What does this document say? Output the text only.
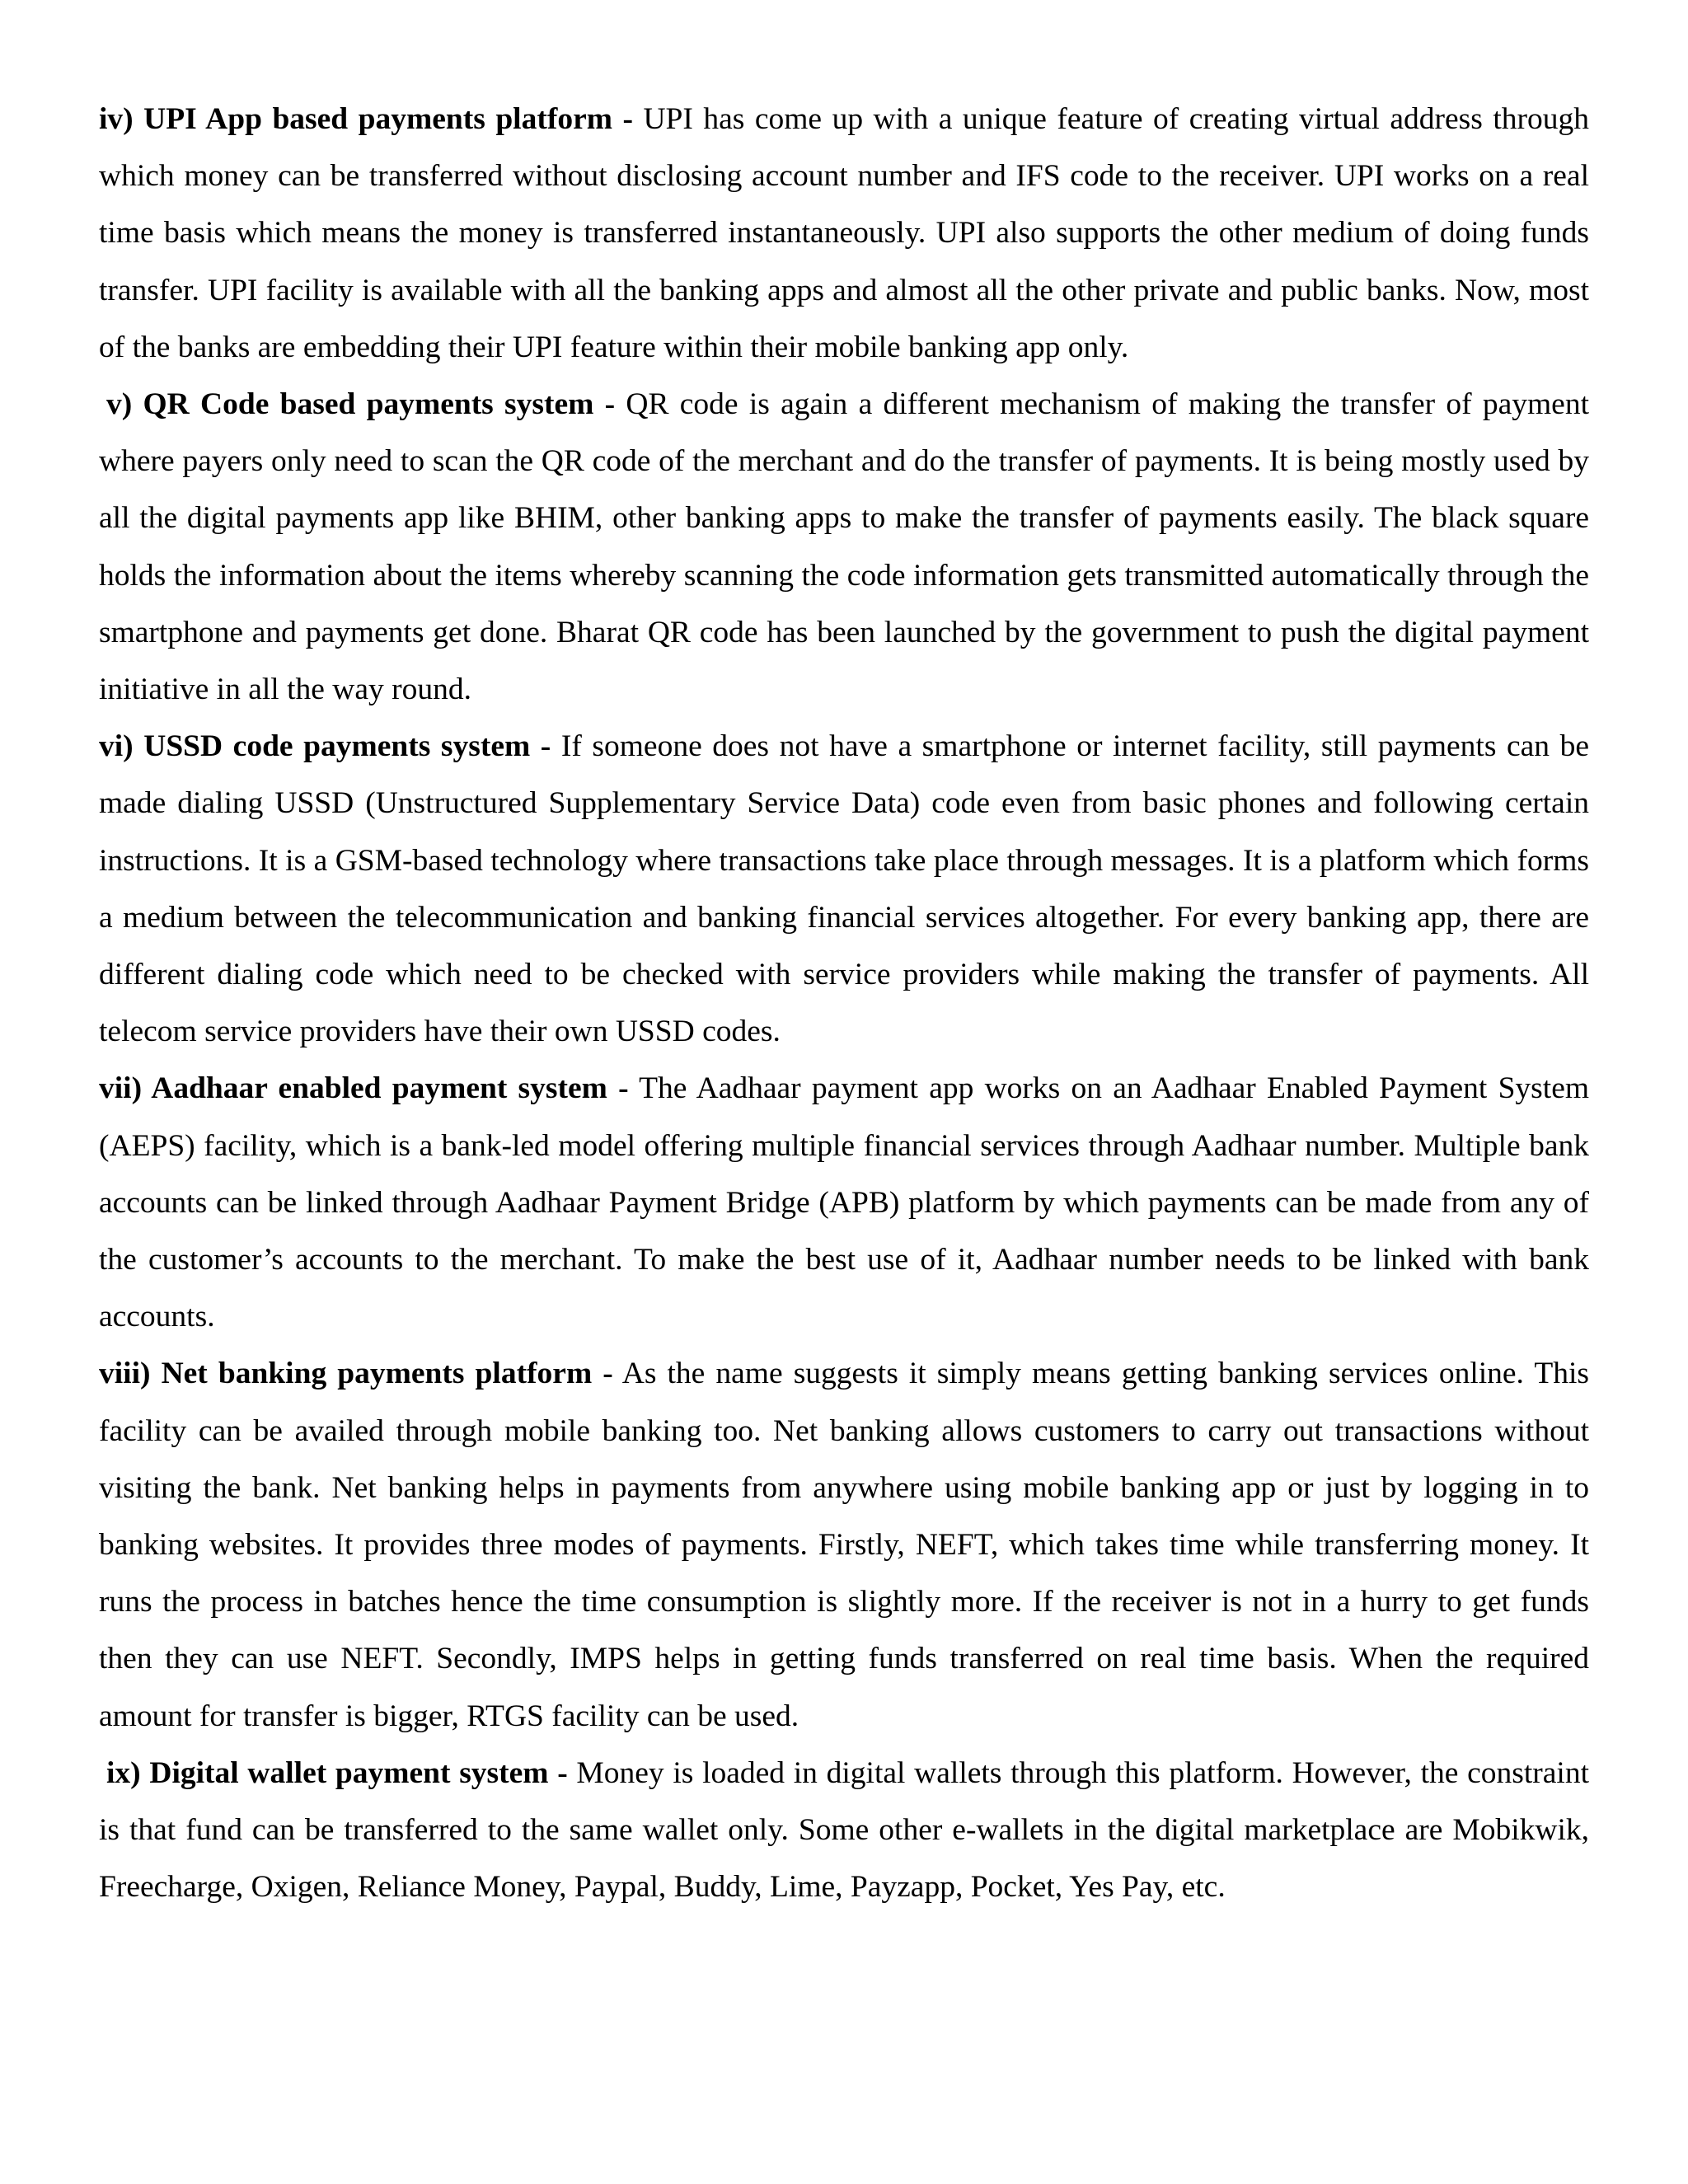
iv) UPI App based payments platform - UPI has come up with a unique feature of creating virtual address through which money can be transferred without disclosing account number and IFS code to the receiver. UPI works on a real time basis which means the money is transferred instantaneously. UPI also supports the other medium of doing funds transfer. UPI facility is available with all the banking apps and almost all the other private and public banks. Now, most of the banks are embedding their UPI feature within their mobile banking app only.

v) QR Code based payments system - QR code is again a different mechanism of making the transfer of payment where payers only need to scan the QR code of the merchant and do the transfer of payments. It is being mostly used by all the digital payments app like BHIM, other banking apps to make the transfer of payments easily. The black square holds the information about the items whereby scanning the code information gets transmitted automatically through the smartphone and payments get done. Bharat QR code has been launched by the government to push the digital payment initiative in all the way round.

vi) USSD code payments system - If someone does not have a smartphone or internet facility, still payments can be made dialing USSD (Unstructured Supplementary Service Data) code even from basic phones and following certain instructions. It is a GSM-based technology where transactions take place through messages. It is a platform which forms a medium between the telecommunication and banking financial services altogether. For every banking app, there are different dialing code which need to be checked with service providers while making the transfer of payments. All telecom service providers have their own USSD codes.

vii) Aadhaar enabled payment system - The Aadhaar payment app works on an Aadhaar Enabled Payment System (AEPS) facility, which is a bank-led model offering multiple financial services through Aadhaar number. Multiple bank accounts can be linked through Aadhaar Payment Bridge (APB) platform by which payments can be made from any of the customer’s accounts to the merchant. To make the best use of it, Aadhaar number needs to be linked with bank accounts.

viii) Net banking payments platform - As the name suggests it simply means getting banking services online. This facility can be availed through mobile banking too. Net banking allows customers to carry out transactions without visiting the bank. Net banking helps in payments from anywhere using mobile banking app or just by logging in to banking websites. It provides three modes of payments. Firstly, NEFT, which takes time while transferring money. It runs the process in batches hence the time consumption is slightly more. If the receiver is not in a hurry to get funds then they can use NEFT. Secondly, IMPS helps in getting funds transferred on real time basis. When the required amount for transfer is bigger, RTGS facility can be used.

ix) Digital wallet payment system - Money is loaded in digital wallets through this platform. However, the constraint is that fund can be transferred to the same wallet only. Some other e-wallets in the digital marketplace are Mobikwik, Freecharge, Oxigen, Reliance Money, Paypal, Buddy, Lime, Payzapp, Pocket, Yes Pay, etc.
